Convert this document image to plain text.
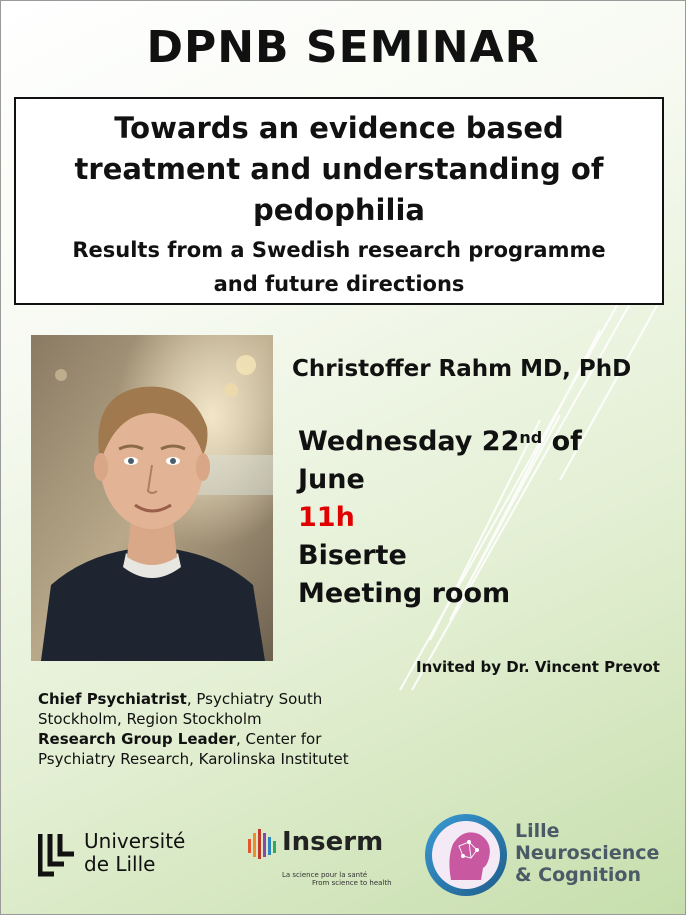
DPNB SEMINAR
Towards an evidence based
treatment and understanding of
pedophilia
Results from a Swedish research programme
and future directions
Christoffer Rahm MD, PhD
Wednesday 22nd of
June
11h
Biserte
Meeting room
Invited by Dr. Vincent Prevot
Chief Psychiatrist, Psychiatry South
Stockholm, Region Stockholm
Research Group Leader, Center for
Psychiatry Research, Karolinska Institutet
Université
de Lille
Inserm
La science pour la santé
From science to health
Lille
Neuroscience
& Cognition
